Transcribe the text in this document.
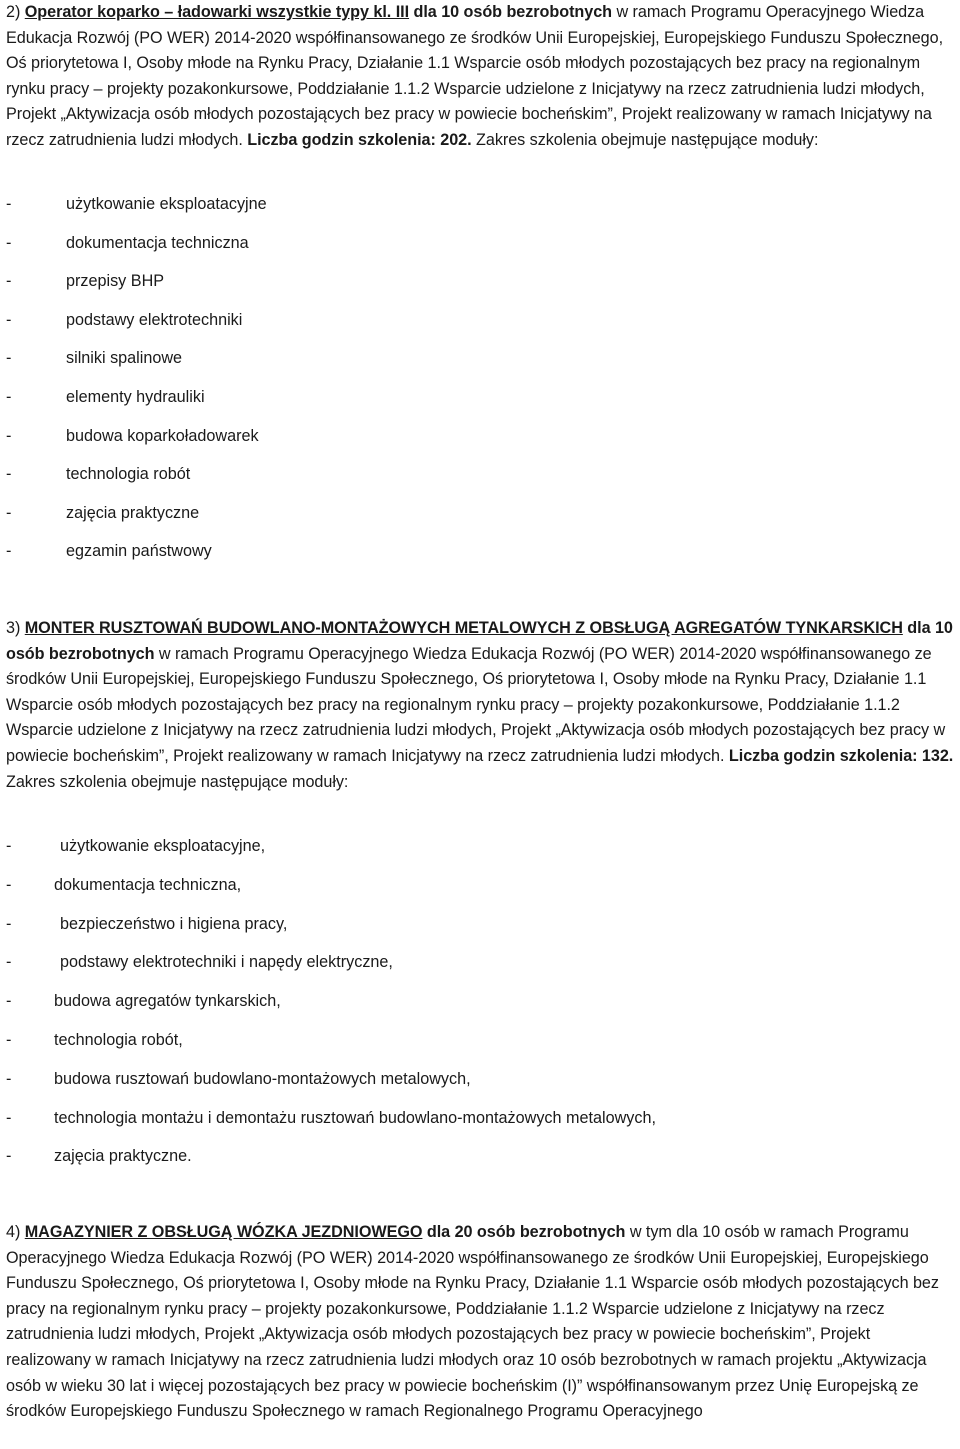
2) Operator koparko – ładowarki wszystkie typy kl. III dla 10 osób bezrobotnych w ramach Programu Operacyjnego Wiedza Edukacja Rozwój (PO WER) 2014-2020 współfinansowanego ze środków Unii Europejskiej, Europejskiego Funduszu Społecznego, Oś priorytetowa I, Osoby młode na Rynku Pracy, Działanie 1.1 Wsparcie osób młodych pozostających bez pracy na regionalnym rynku pracy – projekty pozakonkursowe, Poddziałanie 1.1.2 Wsparcie udzielone z Inicjatywy na rzecz zatrudnienia ludzi młodych, Projekt „Aktywizacja osób młodych pozostających bez pracy w powiecie bocheńskim”, Projekt realizowany w ramach Inicjatywy na rzecz zatrudnienia ludzi młodych. Liczba godzin szkolenia: 202. Zakres szkolenia obejmuje następujące moduły:

-	użytkowanie eksploatacyjne
-	dokumentacja techniczna
-	przepisy BHP
-	podstawy elektrotechniki
-	silniki spalinowe
-	elementy hydrauliki
-	budowa koparkoładowarek
-	technologia robót
-	zajęcia praktyczne
-	egzamin państwowy

3) MONTER RUSZTOWAŃ BUDOWLANO-MONTAŻOWYCH METALOWYCH Z OBSŁUGĄ AGREGATÓW TYNKARSKICH dla 10 osób bezrobotnych w ramach Programu Operacyjnego Wiedza Edukacja Rozwój (PO WER) 2014-2020 współfinansowanego ze środków Unii Europejskiej, Europejskiego Funduszu Społecznego, Oś priorytetowa I, Osoby młode na Rynku Pracy, Działanie 1.1 Wsparcie osób młodych pozostających bez pracy na regionalnym rynku pracy – projekty pozakonkursowe, Poddziałanie 1.1.2 Wsparcie udzielone z Inicjatywy na rzecz zatrudnienia ludzi młodych, Projekt „Aktywizacja osób młodych pozostających bez pracy w powiecie bocheńskim”, Projekt realizowany w ramach Inicjatywy na rzecz zatrudnienia ludzi młodych. Liczba godzin szkolenia: 132. Zakres szkolenia obejmuje następujące moduły:

-	użytkowanie eksploatacyjne,
-	dokumentacja techniczna,
-	bezpieczeństwo i higiena pracy,
-	podstawy elektrotechniki i napędy elektryczne,
-	budowa agregatów tynkarskich,
-	technologia robót,
-	budowa rusztowań budowlano-montażowych metalowych,
-	technologia montażu i demontażu rusztowań budowlano-montażowych metalowych,
-	zajęcia praktyczne.

4) MAGAZYNIER Z OBSŁUGĄ WÓZKA JEZDNIOWEGO dla 20 osób bezrobotnych w tym dla 10 osób w ramach Programu Operacyjnego Wiedza Edukacja Rozwój (PO WER) 2014-2020 współfinansowanego ze środków Unii Europejskiej, Europejskiego Funduszu Społecznego, Oś priorytetowa I, Osoby młode na Rynku Pracy, Działanie 1.1 Wsparcie osób młodych pozostających bez pracy na regionalnym rynku pracy – projekty pozakonkursowe, Poddziałanie 1.1.2 Wsparcie udzielone z Inicjatywy na rzecz zatrudnienia ludzi młodych, Projekt „Aktywizacja osób młodych pozostających bez pracy w powiecie bocheńskim”, Projekt realizowany w ramach Inicjatywy na rzecz zatrudnienia ludzi młodych oraz 10 osób bezrobotnych w ramach projektu „Aktywizacja osób w wieku 30 lat i więcej pozostających bez pracy w powiecie bocheńskim (I)” współfinansowanym przez Unię Europejską ze środków Europejskiego Funduszu Społecznego w ramach Regionalnego Programu Operacyjnego
